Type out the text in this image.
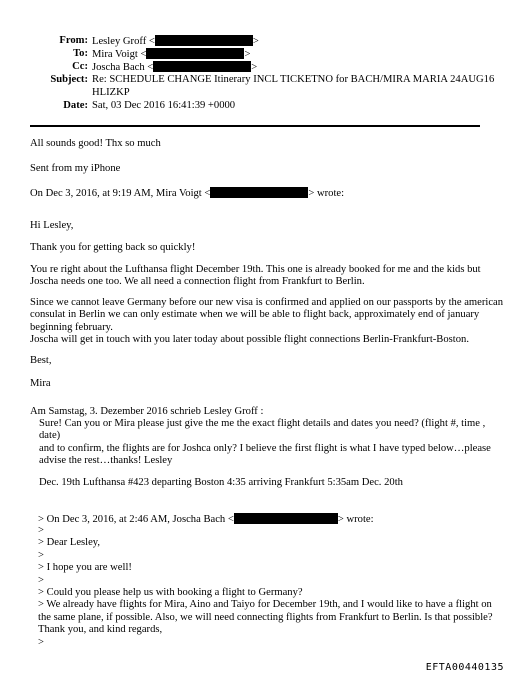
From: Lesley Groff <	>
To: Mira Voigt <	>
Cc: Joscha Bach <	>
Subject: Re: SCHEDULE CHANGE Itinerary INCL TICKETNO for BACH/MIRA MARIA 24AUG16
HLIZKP
Date: Sat, 03 Dec 2016 16:41:39 +0000
All sounds good! Thx so much
Sent from my iPhone
On Dec 3, 2016, at 9:19 AM, Mira Voigt <	> wrote:
Hi Lesley,
Thank you for getting back so quickly!
You re right about the Lufthansa flight December 19th. This one is already booked for me and the kids but
Joscha needs one too. We all need a connection flight from Frankfurt to Berlin.
Since we cannot leave Germany before our new visa is confirmed and applied on our passports by the american
consulat in Berlin we can only estimate when we will be able to flight back, approximately end of january
beginning february.
Joscha will get in touch with you later today about possible flight connections Berlin-Frankfurt-Boston.
Best,
Mira
Am Samstag, 3. Dezember 2016 schrieb Lesley Groff :
Sure! Can you or Mira please just give the me the exact flight details and dates you need? (flight #, time ,
date)
and to confirm, the flights are for Joshca only? I believe the first flight is what I have typed below…please
advise the rest…thanks! Lesley
Dec. 19th Lufthansa #423 departing Boston 4:35 arriving Frankfurt 5:35am Dec. 20th
> On Dec 3, 2016, at 2:46 AM, Joscha Bach <	> wrote:
>
> Dear Lesley,
>
> I hope you are well!
>
> Could you please help us with booking a flight to Germany?
> We already have flights for Mira, Aino and Taiyo for December 19th, and I would like to have a flight on
the same plane, if possible. Also, we will need connecting flights from Frankfurt to Berlin. Is that possible?
Thank you, and kind regards,
>
EFTA00440135
